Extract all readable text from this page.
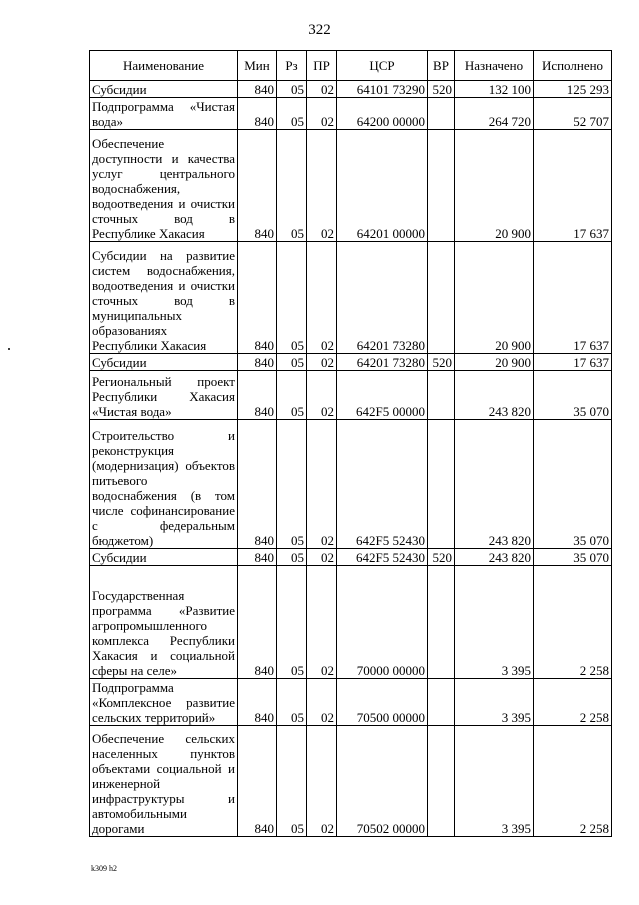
322
Наименование	Мин	Рз	ПР	ЦСР	ВР	Назначено	Исполнено
Субсидии	840	05	02	64101 73290	520	132 100	125 293
Подпрограмма «Чистая вода»	840	05	02	64200 00000		264 720	52 707
Обеспечение доступности и качества услуг центрального водоснабжения, водоотведения и очистки сточных вод в Республике Хакасия	840	05	02	64201 00000		20 900	17 637
Субсидии на развитие систем водоснабжения, водоотведения и очистки сточных вод в муниципальных образованиях Республики Хакасия	840	05	02	64201 73280		20 900	17 637
Субсидии	840	05	02	64201 73280	520	20 900	17 637
Региональный проект Республики Хакасия «Чистая вода»	840	05	02	642F5 00000		243 820	35 070
Строительство и реконструкция (модернизация) объектов питьевого водоснабжения (в том числе софинансирование с федеральным бюджетом)	840	05	02	642F5 52430		243 820	35 070
Субсидии	840	05	02	642F5 52430	520	243 820	35 070
Государственная программа «Развитие агропромышленного комплекса Республики Хакасия и социальной сферы на селе»	840	05	02	70000 00000		3 395	2 258
Подпрограмма «Комплексное развитие сельских территорий»	840	05	02	70500 00000		3 395	2 258
Обеспечение сельских населенных пунктов объектами социальной и инженерной инфраструктуры и автомобильными дорогами	840	05	02	70502 00000		3 395	2 258
k309 h2
